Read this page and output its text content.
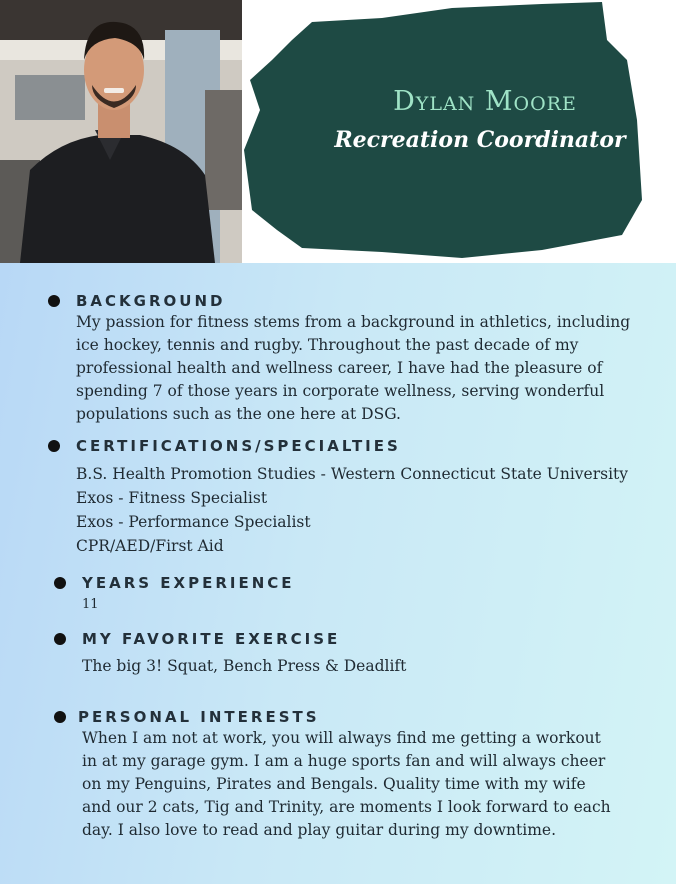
Dylan Moore
Recreation Coordinator
BACKGROUND
My passion for fitness stems from a background in athletics, including
ice hockey, tennis and rugby. Throughout the past decade of my
professional health and wellness career, I have had the pleasure of
spending 7 of those years in corporate wellness, serving wonderful
populations such as the one here at DSG.
CERTIFICATIONS/SPECIALTIES
B.S. Health Promotion Studies - Western Connecticut State University
Exos - Fitness Specialist
Exos - Performance Specialist
CPR/AED/First Aid
YEARS EXPERIENCE
11
MY FAVORITE EXERCISE
The big 3! Squat, Bench Press & Deadlift
PERSONAL INTERESTS
When I am not at work, you will always find me getting a workout
in at my garage gym. I am a huge sports fan and will always cheer
on my Penguins, Pirates and Bengals. Quality time with my wife
and our 2 cats, Tig and Trinity, are moments I look forward to each
day. I also love to read and play guitar during my downtime.
